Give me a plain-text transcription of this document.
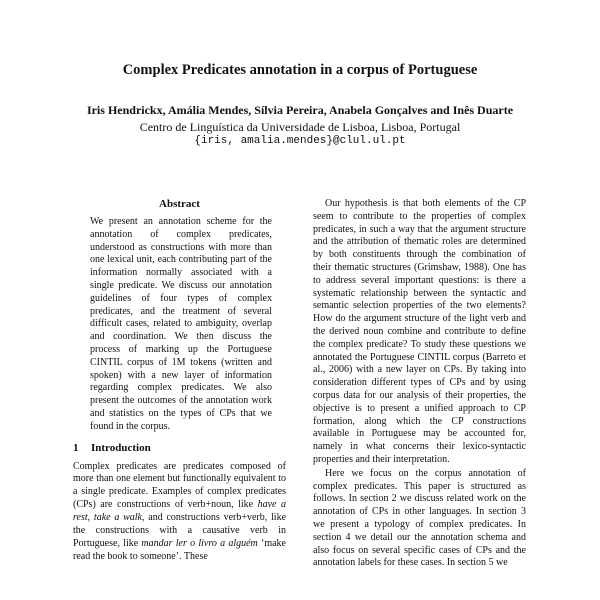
Complex Predicates annotation in a corpus of Portuguese
Iris Hendrickx, Amália Mendes, Sílvia Pereira, Anabela Gonçalves and Inês Duarte
Centro de Linguística da Universidade de Lisboa, Lisboa, Portugal
{iris, amalia.mendes}@clul.ul.pt
Abstract

We present an annotation scheme for the annotation of complex predicates, understood as constructions with more than one lexical unit, each contributing part of the information normally associated with a single predicate. We discuss our annotation guidelines of four types of complex predicates, and the treatment of several difficult cases, related to ambiguity, overlap and coordination. We then discuss the process of marking up the Portuguese CINTIL corpus of 1M tokens (written and spoken) with a new layer of information regarding complex predicates. We also present the outcomes of the annotation work and statistics on the types of CPs that we found in the corpus.

1 Introduction

Complex predicates are predicates composed of more than one element but functionally equivalent to a single predicate. Examples of complex predicates (CPs) are constructions of verb+noun, like have a rest, take a walk, and constructions verb+verb, like the constructions with a causative verb in Portuguese, like mandar ler o livro a alguém ‘make read the book to someone’. These

Our hypothesis is that both elements of the CP seem to contribute to the properties of complex predicates, in such a way that the argument structure and the attribution of thematic roles are determined by both constituents through the combination of their thematic structures (Grimshaw, 1988). One has to address several important questions: is there a systematic relationship between the syntactic and semantic selection properties of the two elements? How do the argument structure of the light verb and the derived noun combine and contribute to define the complex predicate? To study these questions we annotated the Portuguese CINTIL corpus (Barreto et al., 2006) with a new layer on CPs. By taking into consideration different types of CPs and by using corpus data for our analysis of their properties, the objective is to present a unified approach to CP formation, along which the CP constructions available in Portuguese may be accounted for, namely in what concerns their lexico-syntactic properties and their interpretation.

Here we focus on the corpus annotation of complex predicates. This paper is structured as follows. In section 2 we discuss related work on the annotation of CPs in other languages. In section 3 we present a typology of complex predicates. In section 4 we detail our the annotation schema and also focus on several specific cases of CPs and the annotation labels for these cases. In section 5 we
